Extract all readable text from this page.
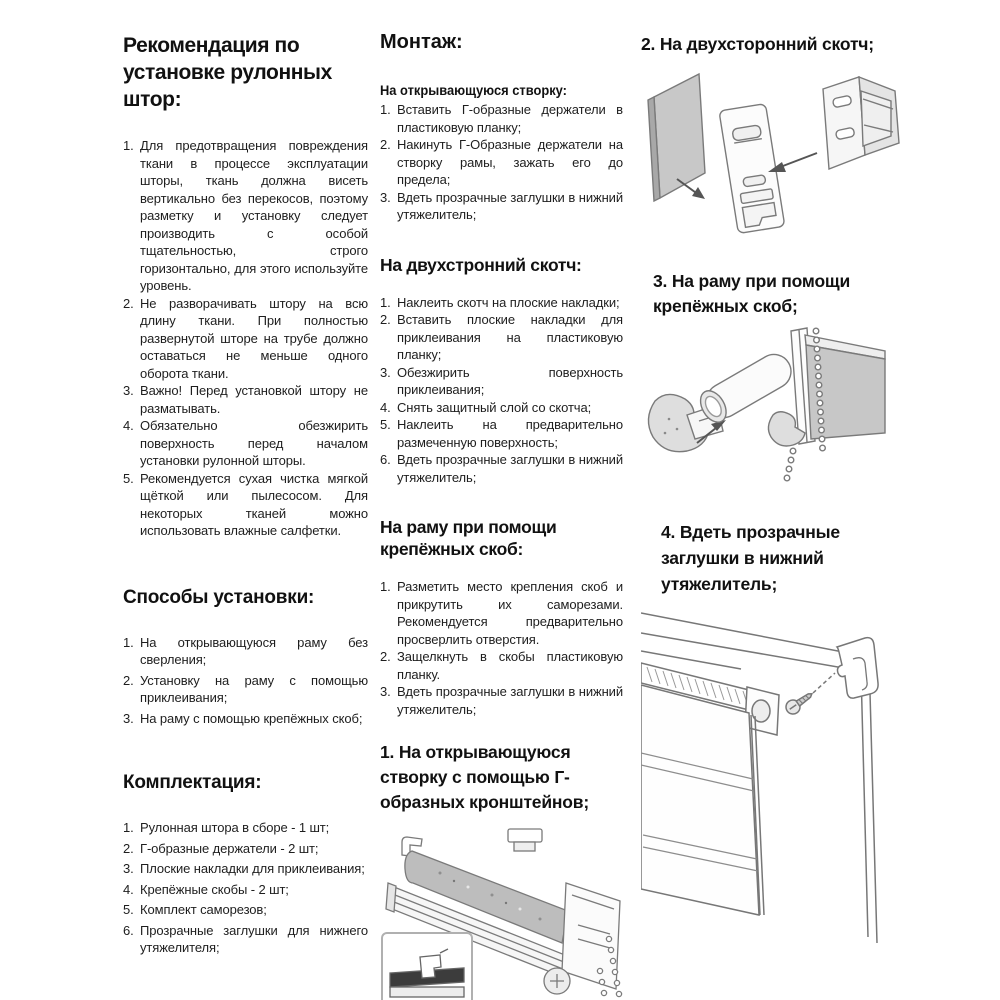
Рекомендация по установке рулонных штор:
1. Для предотвращения повреждения ткани в процессе эксплуатации шторы, ткань должна висеть вертикально без перекосов, поэтому разметку и установку следует производить с особой тщательностью, строго горизонтально, для этого используйте уровень.
2. Не разворачивать штору на всю длину ткани. При полностью развернутой шторе на трубе должно оставаться не меньше одного оборота ткани.
3. Важно! Перед установкой штору не разматывать.
4. Обязательно обезжирить поверхность перед началом установки рулонной шторы.
5. Рекомендуется сухая чистка мягкой щёткой или пылесосом. Для некоторых тканей можно использовать влажные салфетки.
Способы установки:
1. На открывающуюся раму без сверления;
2. Установку на раму с помощью приклеивания;
3. На раму с помощью крепёжных скоб;
Комплектация:
1. Рулонная штора в сборе - 1 шт;
2. Г-образные держатели - 2 шт;
3. Плоские накладки для приклеивания;
4. Крепёжные скобы - 2 шт;
5. Комплект саморезов;
6. Прозрачные заглушки для нижнего утяжелителя;
Монтаж:
На открывающуюся створку:
1. Вставить Г-образные держатели в пластиковую планку;
2. Накинуть Г-Образные держатели на створку рамы, зажать его до предела;
3. Вдеть прозрачные заглушки в нижний утяжелитель;
На двухстронний скотч:
1. Наклеить скотч на плоские накладки;
2. Вставить плоские накладки для приклеивания на пластиковую планку;
3. Обезжирить поверхность приклеивания;
4. Снять защитный слой со скотча;
5. Наклеить на предварительно размеченную поверхность;
6. Вдеть прозрачные заглушки в нижний утяжелитель;
На раму при помощи крепёжных скоб:
1. Разметить место крепления скоб и прикрутить их саморезами. Рекомендуется предварительно просверлить отверстия.
2. Защелкнуть в скобы пластиковую планку.
3. Вдеть прозрачные заглушки в нижний утяжелитель;
1. На открывающуюся створку с помощью Г-образных кронштейнов;
2. На двухсторонний скотч;
3. На раму при помощи крепёжных скоб;
4. Вдеть прозрачные заглушки в нижний утяжелитель;
